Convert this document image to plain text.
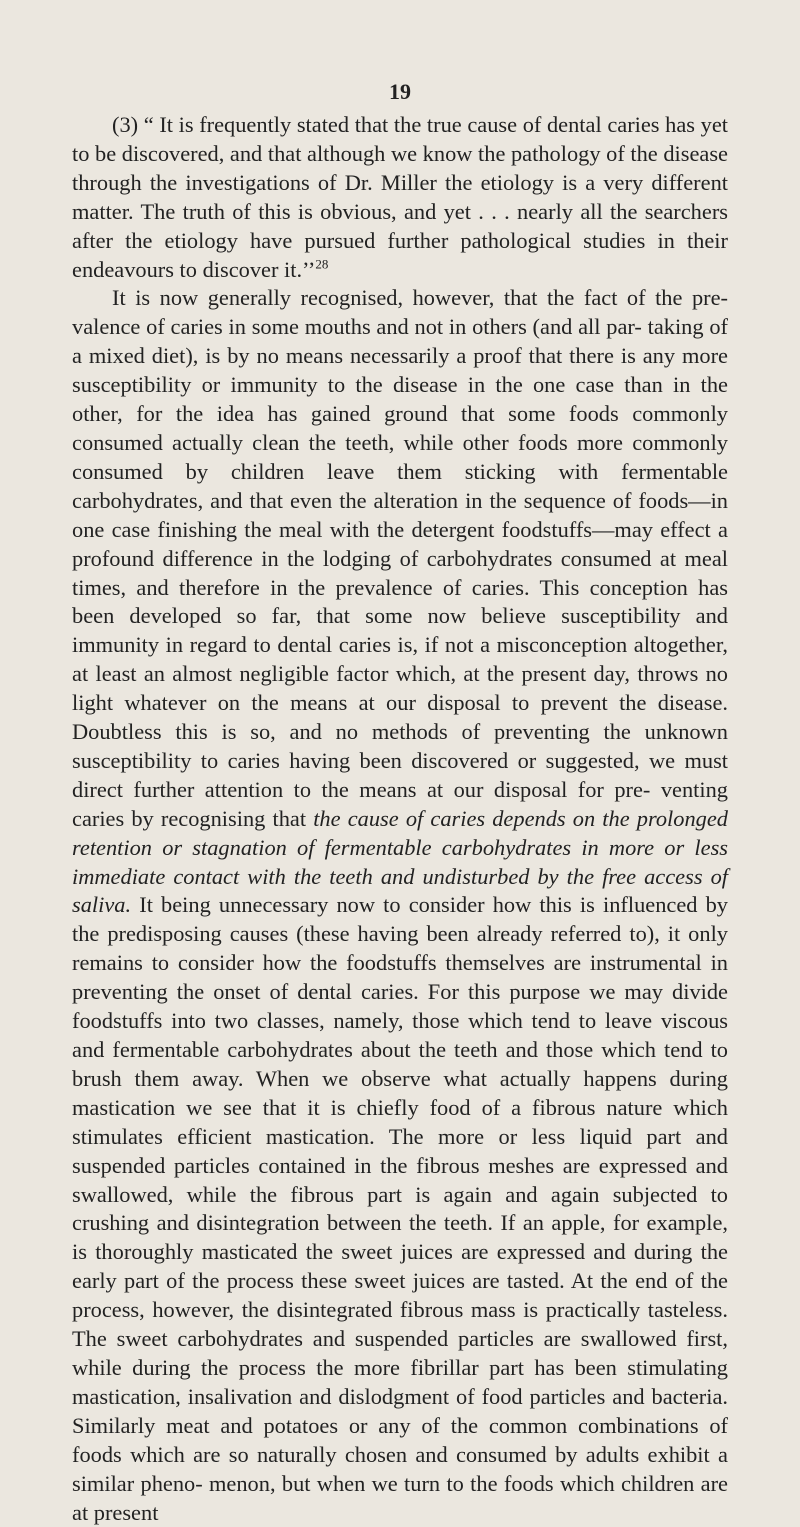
19

(3) “ It is frequently stated that the true cause of dental caries has yet to be discovered, and that although we know the pathology of the disease through the investigations of Dr. Miller the etiology is a very different matter. The truth of this is obvious, and yet . . . nearly all the searchers after the etiology have pursued further pathological studies in their endeavours to discover it.’’$^{28}$

It is now generally recognised, however, that the fact of the pre- valence of caries in some mouths and not in others (and all par- taking of a mixed diet), is by no means necessarily a proof that there is any more susceptibility or immunity to the disease in the one case than in the other, for the idea has gained ground that some foods commonly consumed actually clean the teeth, while other foods more commonly consumed by children leave them sticking with fermentable carbohydrates, and that even the alteration in the sequence of foods—in one case finishing the meal with the detergent foodstuffs—may effect a profound difference in the lodging of carbohydrates consumed at meal times, and therefore in the prevalence of caries. This conception has been developed so far, that some now believe susceptibility and immunity in regard to dental caries is, if not a misconception altogether, at least an almost negligible factor which, at the present day, throws no light whatever on the means at our disposal to prevent the disease. Doubtless this is so, and no methods of preventing the unknown susceptibility to caries having been discovered or suggested, we must direct further attention to the means at our disposal for pre- venting caries by recognising that the cause of caries depends on the prolonged retention or stagnation of fermentable carbohydrates in more or less immediate contact with the teeth and undisturbed by the free access of saliva. It being unnecessary now to consider how this is influenced by the predisposing causes (these having been already referred to), it only remains to consider how the foodstuffs themselves are instrumental in preventing the onset of dental caries. For this purpose we may divide foodstuffs into two classes, namely, those which tend to leave viscous and fermentable carbohydrates about the teeth and those which tend to brush them away. When we observe what actually happens during mastication we see that it is chiefly food of a fibrous nature which stimulates efficient mastication. The more or less liquid part and suspended particles contained in the fibrous meshes are expressed and swallowed, while the fibrous part is again and again subjected to crushing and disintegration between the teeth. If an apple, for example, is thoroughly masticated the sweet juices are expressed and during the early part of the process these sweet juices are tasted. At the end of the process, however, the disintegrated fibrous mass is practically tasteless. The sweet carbohydrates and suspended particles are swallowed first, while during the process the more fibrillar part has been stimulating mastication, insalivation and dislodgment of food particles and bacteria. Similarly meat and potatoes or any of the common combinations of foods which are so naturally chosen and consumed by adults exhibit a similar pheno- menon, but when we turn to the foods which children are at present
